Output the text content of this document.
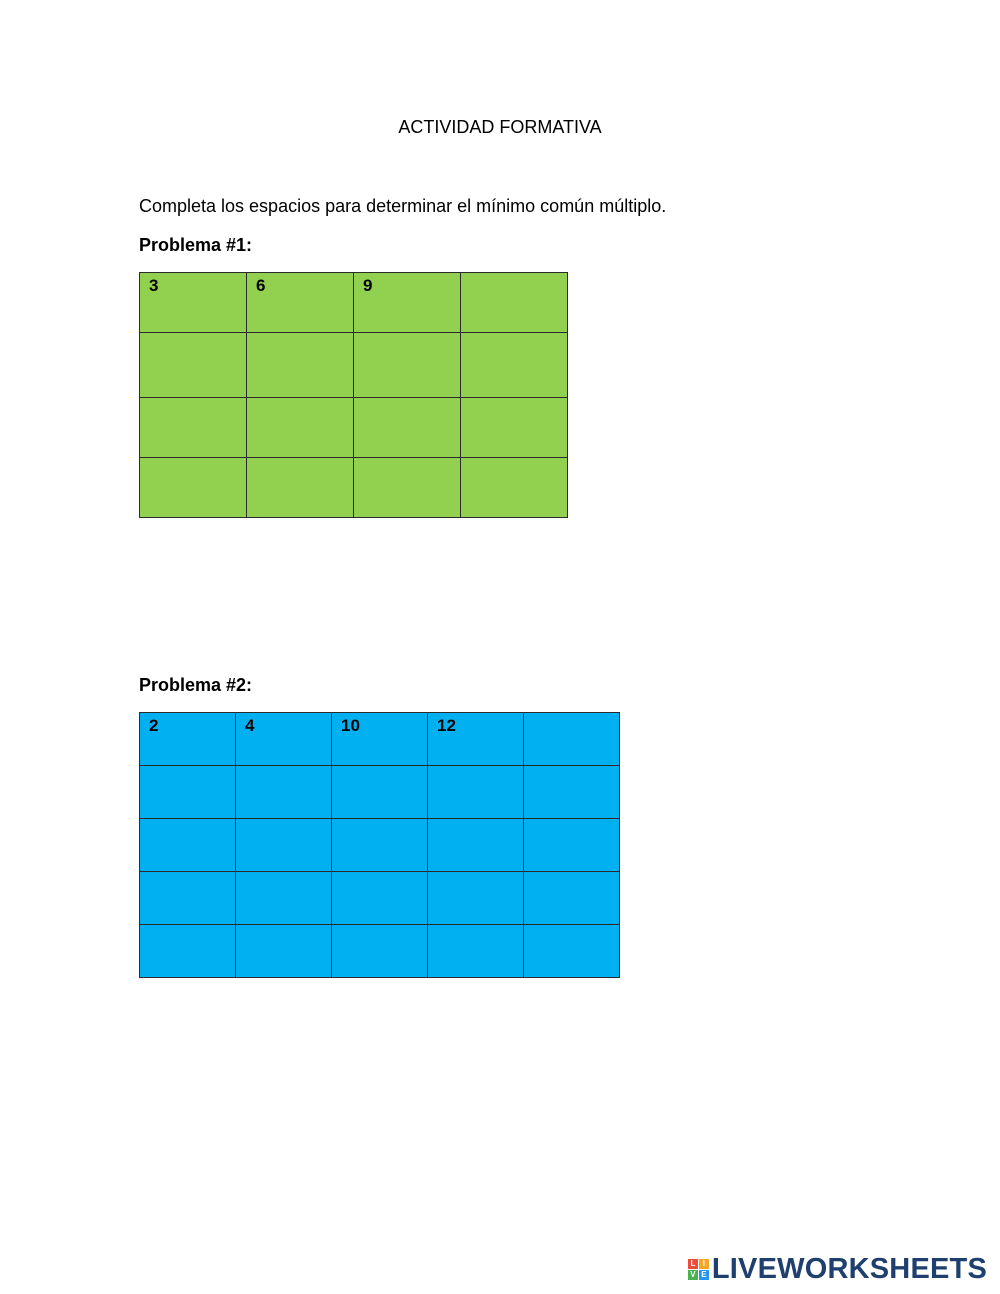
ACTIVIDAD FORMATIVA
Completa los espacios para determinar el mínimo común múltiplo.
Problema #1:
3	6	9	

Problema #2:
2	4	10	12	

L I
V E LIVEWORKSHEETS
